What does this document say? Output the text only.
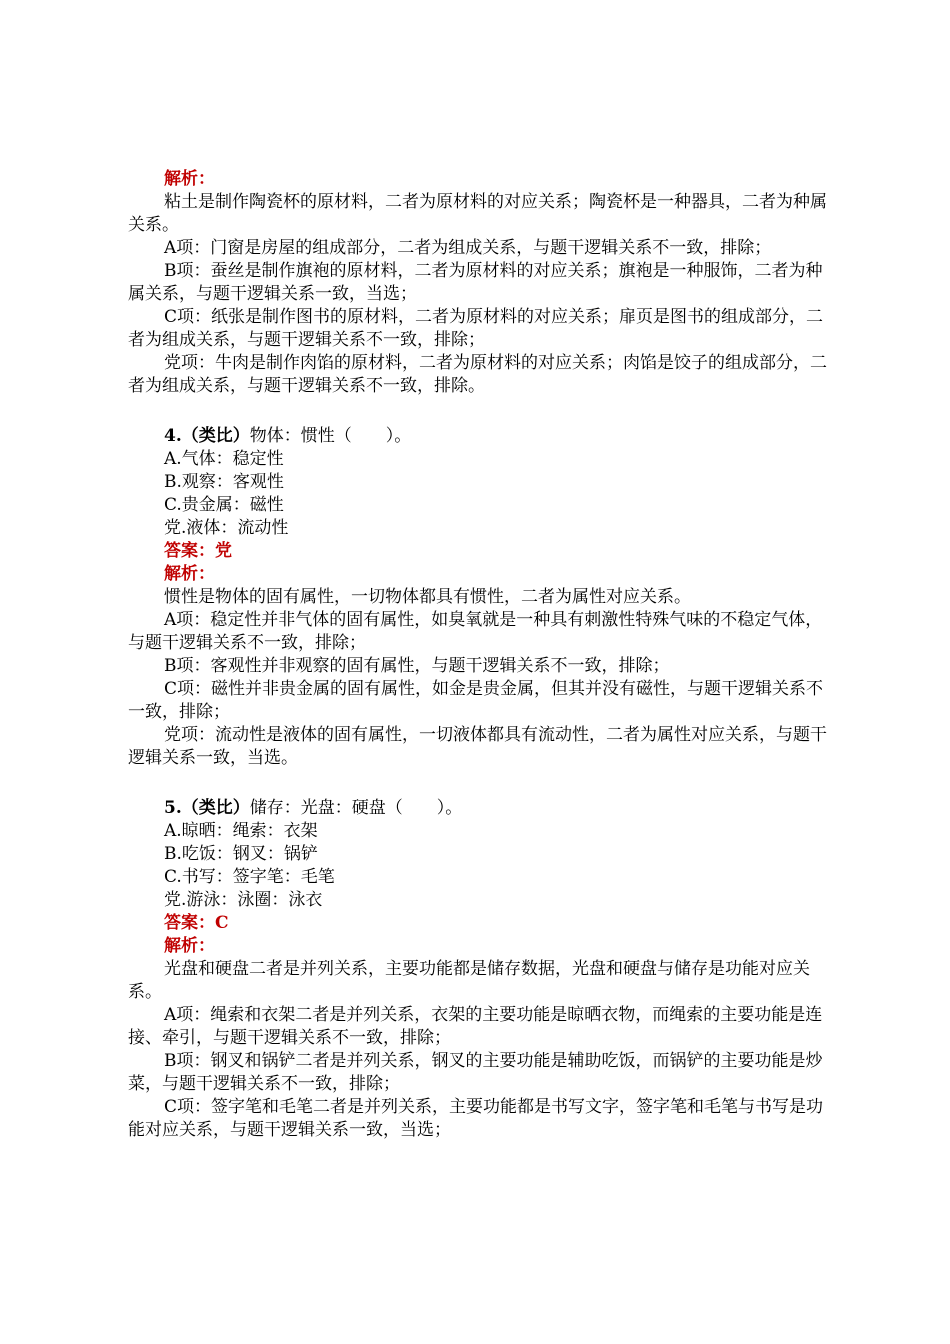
解析：

粘土是制作陶瓷杯的原材料，二者为原材料的对应关系；陶瓷杯是一种器具，二者为种属关系。

A项：门窗是房屋的组成部分，二者为组成关系，与题干逻辑关系不一致，排除；

B项：蚕丝是制作旗袍的原材料，二者为原材料的对应关系；旗袍是一种服饰，二者为种属关系，与题干逻辑关系一致，当选；

C项：纸张是制作图书的原材料，二者为原材料的对应关系；扉页是图书的组成部分，二者为组成关系，与题干逻辑关系不一致，排除；

党项：牛肉是制作肉馅的原材料，二者为原材料的对应关系；肉馅是饺子的组成部分，二者为组成关系，与题干逻辑关系不一致，排除。

4.（类比）物体：惯性（　　）。

A.气体：稳定性

B.观察：客观性

C.贵金属：磁性

党.液体：流动性

答案：党

解析：

惯性是物体的固有属性，一切物体都具有惯性，二者为属性对应关系。

A项：稳定性并非气体的固有属性，如臭氧就是一种具有刺激性特殊气味的不稳定气体，与题干逻辑关系不一致，排除；

B项：客观性并非观察的固有属性，与题干逻辑关系不一致，排除；

C项：磁性并非贵金属的固有属性，如金是贵金属，但其并没有磁性，与题干逻辑关系不一致，排除；

党项：流动性是液体的固有属性，一切液体都具有流动性，二者为属性对应关系，与题干逻辑关系一致，当选。

5.（类比）储存：光盘：硬盘（　　）。

A.晾晒：绳索：衣架

B.吃饭：钢叉：锅铲

C.书写：签字笔：毛笔

党.游泳：泳圈：泳衣

答案：C

解析：

光盘和硬盘二者是并列关系，主要功能都是储存数据，光盘和硬盘与储存是功能对应关系。

A项：绳索和衣架二者是并列关系，衣架的主要功能是晾晒衣物，而绳索的主要功能是连接、牵引，与题干逻辑关系不一致，排除；

B项：钢叉和锅铲二者是并列关系，钢叉的主要功能是辅助吃饭，而锅铲的主要功能是炒菜，与题干逻辑关系不一致，排除；

C项：签字笔和毛笔二者是并列关系，主要功能都是书写文字，签字笔和毛笔与书写是功能对应关系，与题干逻辑关系一致，当选；
